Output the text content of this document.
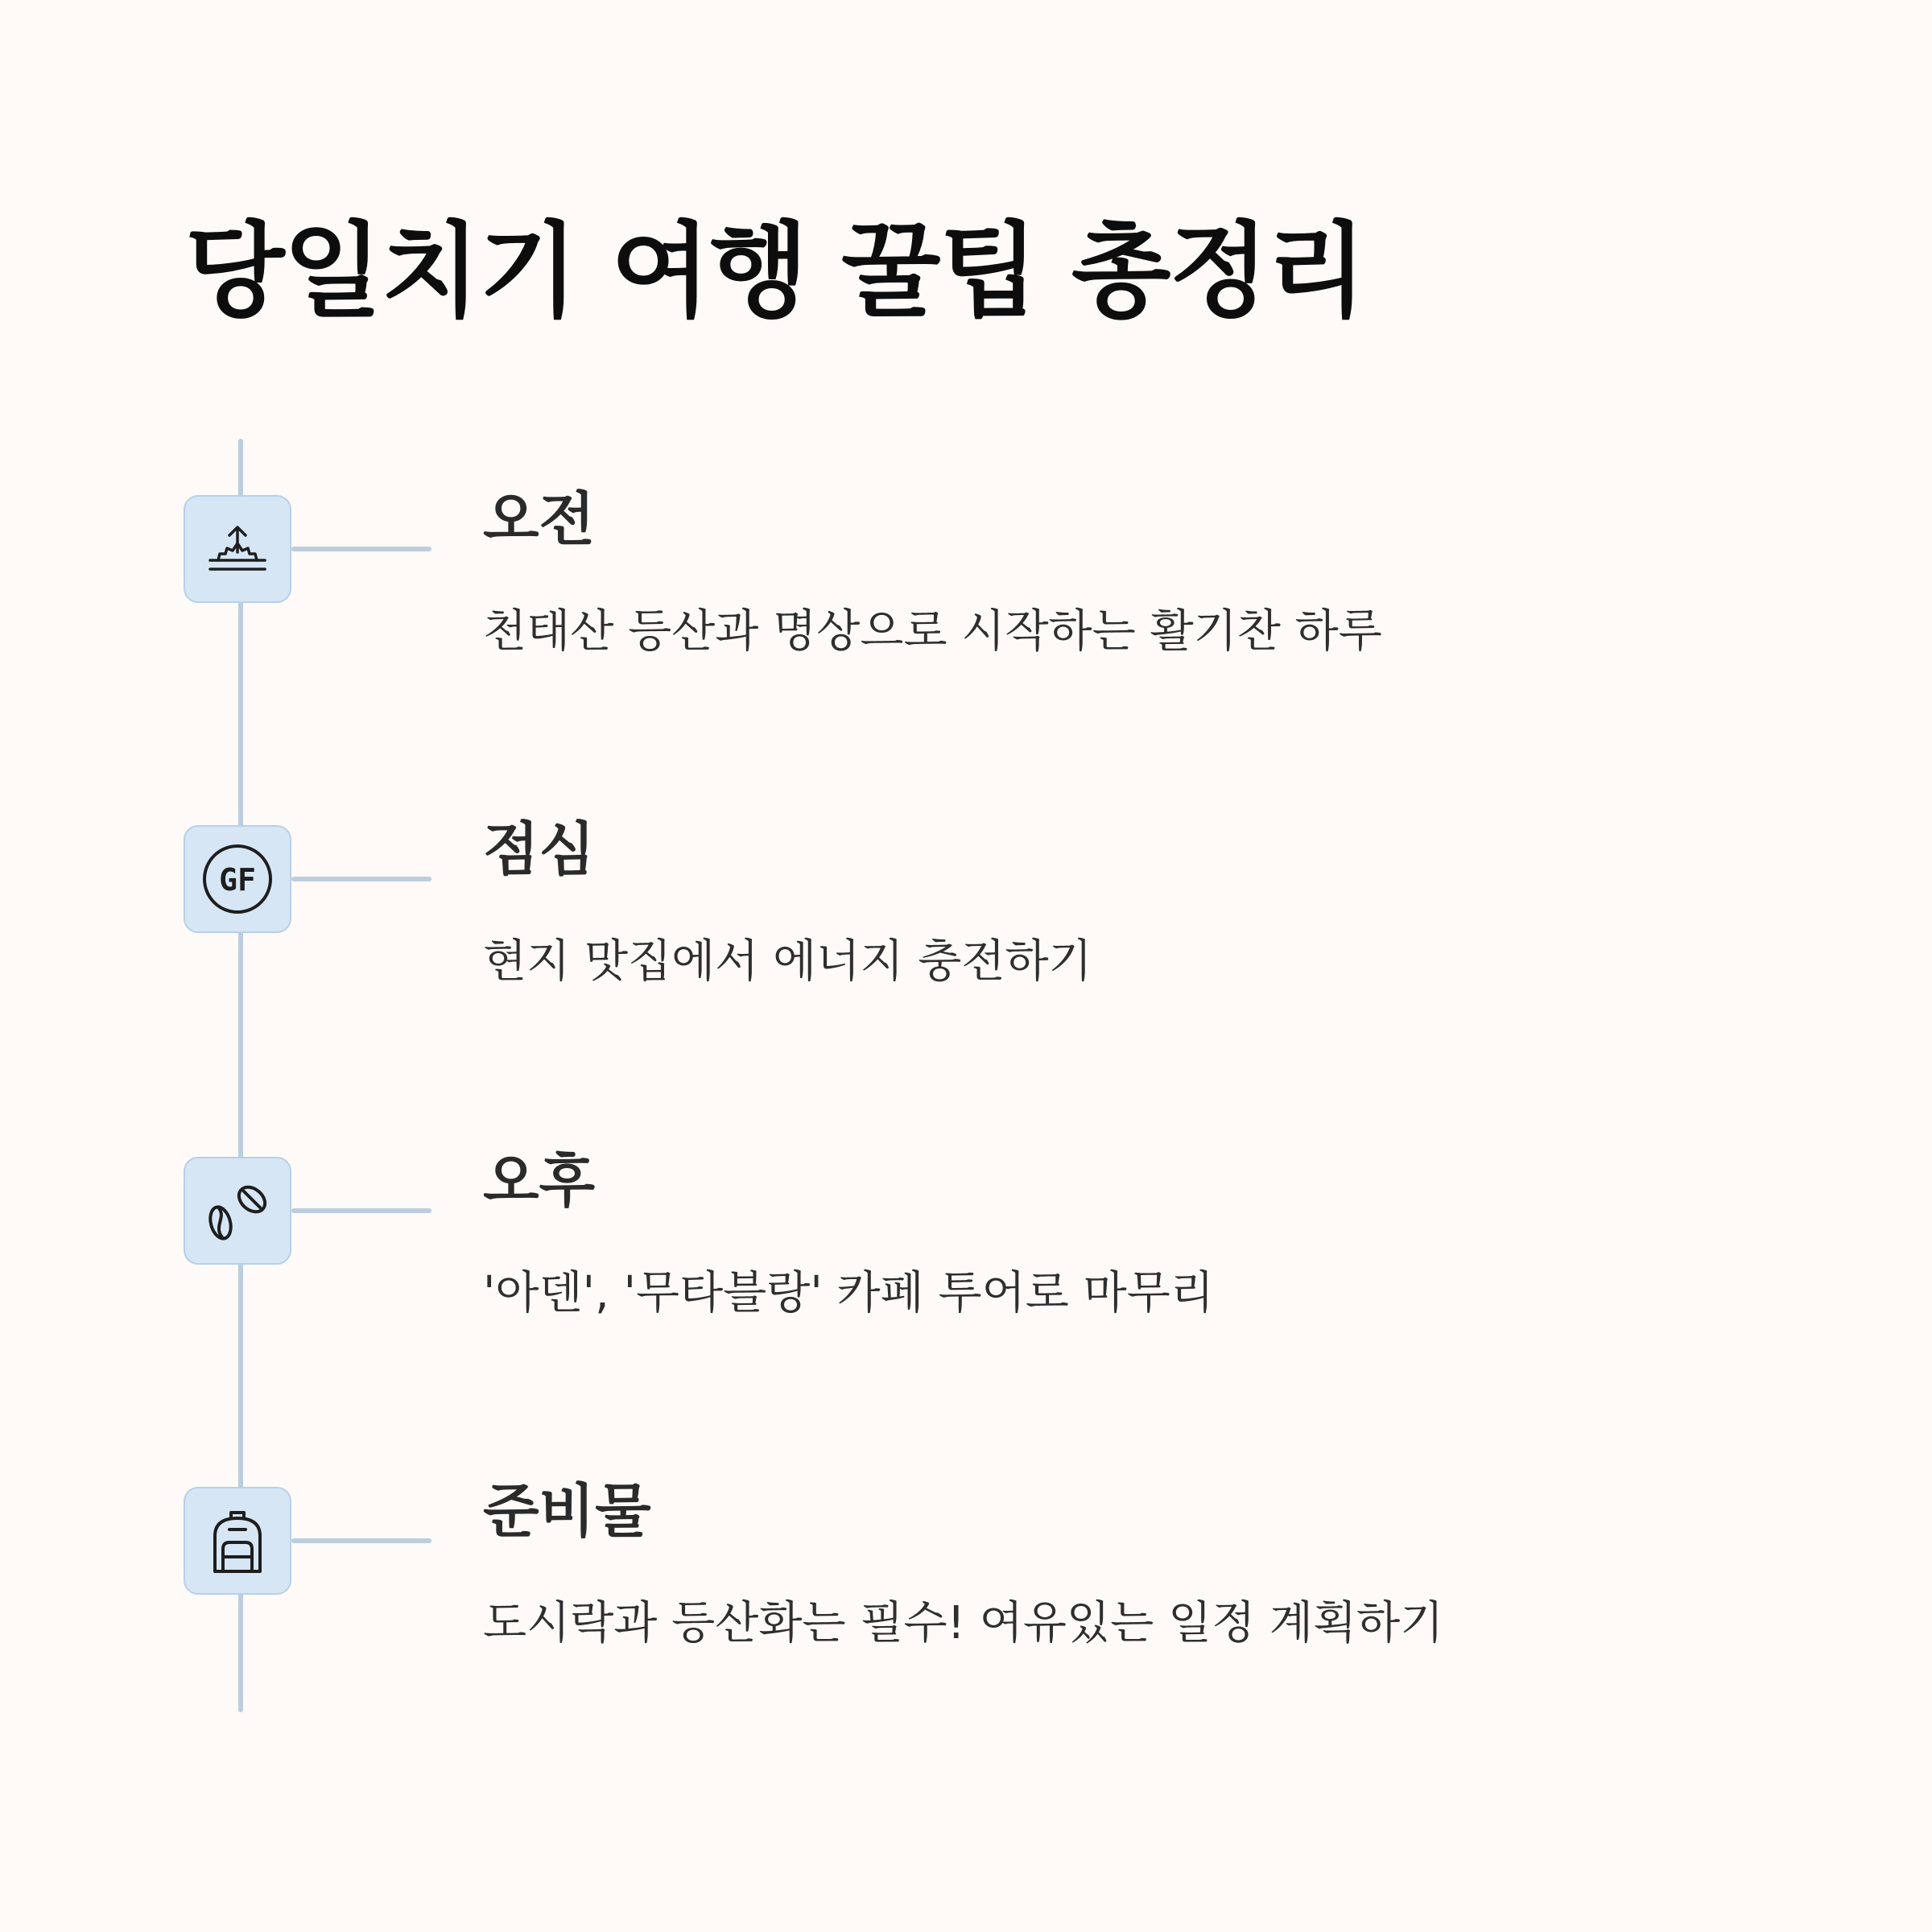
당일치기 여행 꿀팁 총정리
오전

천태산 등산과 명상으로 시작하는 활기찬 하루

GF	점심

현지 맛집에서 에너지 충전하기

오후

'아덴', '무타블랑' 카페 투어로 마무리

준비물

도시락과 등산화는 필수! 여유있는 일정 계획하기
